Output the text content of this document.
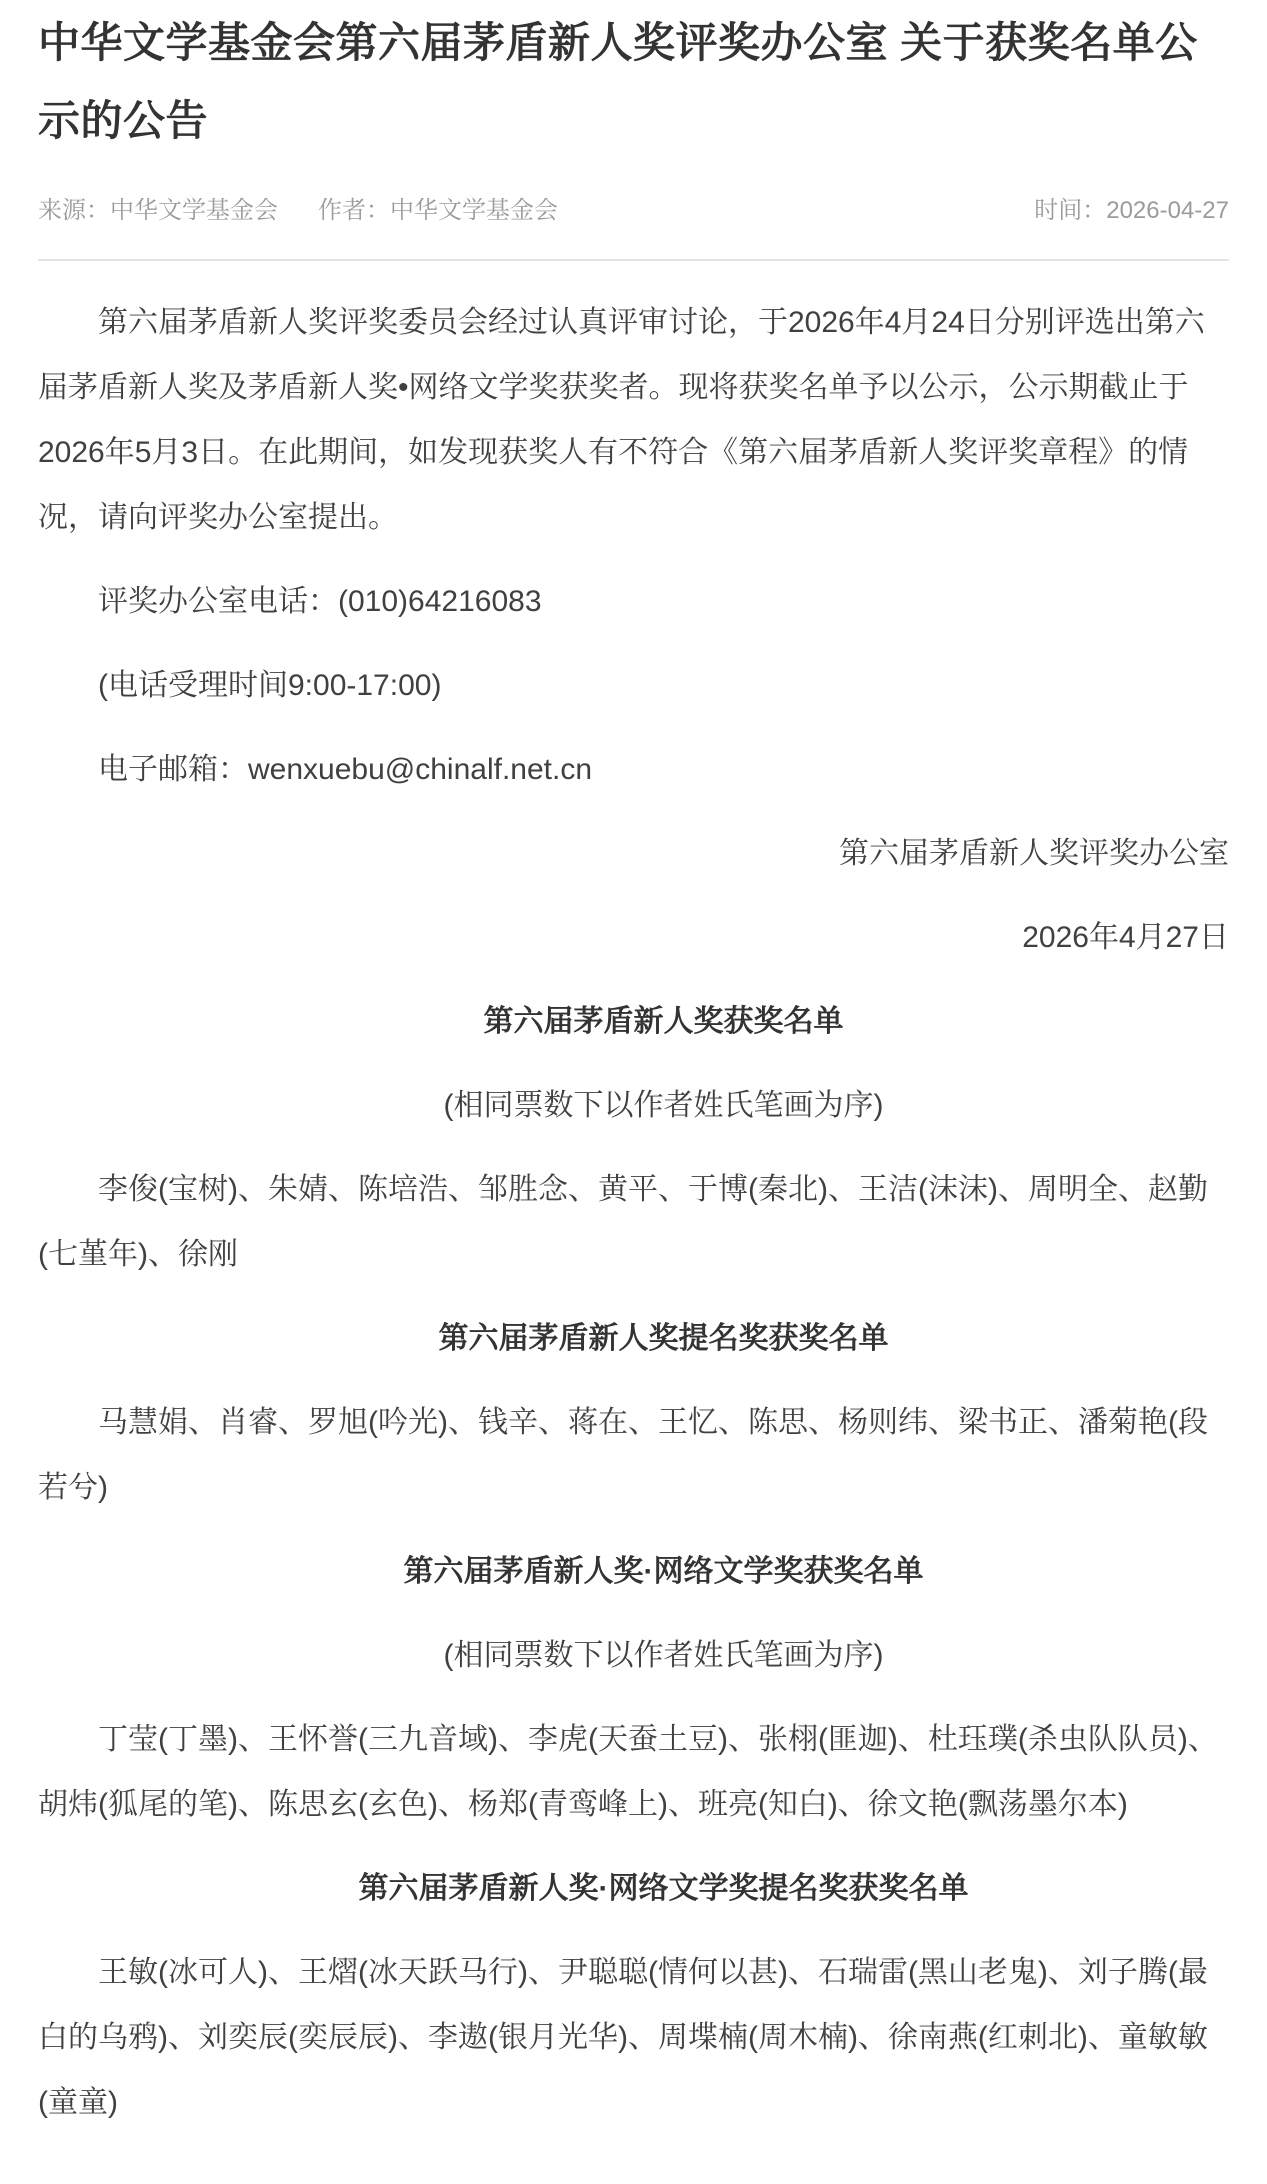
中华文学基金会第六届茅盾新人奖评奖办公室 关于获奖名单公示的公告
来源：中华文学基金会 作者：中华文学基金会	时间：2026-04-27

第六届茅盾新人奖评奖委员会经过认真评审讨论，于2026年4月24日分别评选出第六届茅盾新人奖及茅盾新人奖•网络文学奖获奖者。现将获奖名单予以公示，公示期截止于2026年5月3日。在此期间，如发现获奖人有不符合《第六届茅盾新人奖评奖章程》的情况，请向评奖办公室提出。

评奖办公室电话：(010)64216083

(电话受理时间9:00-17:00)

电子邮箱：wenxuebu@chinalf.net.cn

第六届茅盾新人奖评奖办公室

2026年4月27日

第六届茅盾新人奖获奖名单

(相同票数下以作者姓氏笔画为序)

李俊(宝树)、朱婧、陈培浩、邹胜念、黄平、于博(秦北)、王洁(沫沫)、周明全、赵勤(七堇年)、徐刚

第六届茅盾新人奖提名奖获奖名单

马慧娟、肖睿、罗旭(吟光)、钱辛、蒋在、王忆、陈思、杨则纬、梁书正、潘菊艳(段若兮)

第六届茅盾新人奖·网络文学奖获奖名单

(相同票数下以作者姓氏笔画为序)

丁莹(丁墨)、王怀誉(三九音域)、李虎(天蚕土豆)、张栩(匪迦)、杜珏璞(杀虫队队员)、胡炜(狐尾的笔)、陈思玄(玄色)、杨郑(青鸾峰上)、班亮(知白)、徐文艳(飘荡墨尔本)

第六届茅盾新人奖·网络文学奖提名奖获奖名单

王敏(冰可人)、王熠(冰天跃马行)、尹聪聪(情何以甚)、石瑞雷(黑山老鬼)、刘子腾(最白的乌鸦)、刘奕辰(奕辰辰)、李遨(银月光华)、周堞楠(周木楠)、徐南燕(红刺北)、童敏敏(童童)
